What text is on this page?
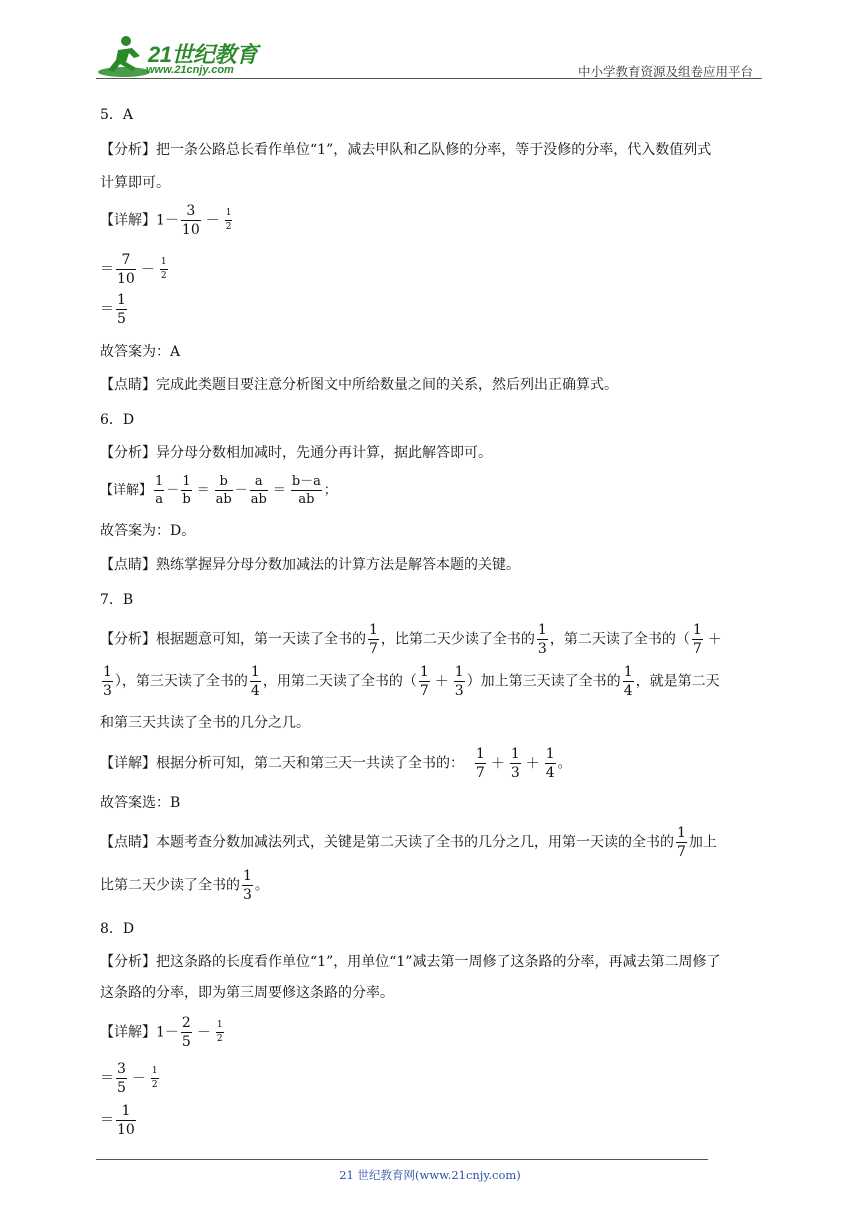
21世纪教育
www.21cnjy.com	中小学教育资源及组卷应用平台
5．A
【分析】把一条公路总长看作单位“1”，减去甲队和乙队修的分率，等于没修的分率，代入数值列式
计算即可。
【详解】$1- \frac{3}{10} - \frac{1}{2}$
＝ $\frac{7}{10} - \frac{1}{2}$
＝ $\frac{1}{5}$
故答案为：A
【点睛】完成此类题目要注意分析图文中所给数量之间的关系，然后列出正确算式。
6．D
【分析】异分母分数相加减时，先通分再计算，据此解答即可。
【详解】 $\frac{1}{a} - \frac{1}{b} = \frac{b}{ab} - \frac{a}{ab} = \frac{b-a}{ab}$ ；
故答案为：D。
【点睛】熟练掌握异分母分数加减法的计算方法是解答本题的关键。
7．B
【分析】根据题意可知，第一天读了全书的 $\frac{1}{7}$ ，比第二天少读了全书的 $\frac{1}{3}$ ，第二天读了全书的（ $\frac{1}{7}$ ＋
$\frac{1}{3}$ ），第三天读了全书的 $\frac{1}{4}$ ，用第二天读了全书的（ $\frac{1}{7} + \frac{1}{3}$ ）加上第三天读了全书的 $\frac{1}{4}$ ，就是第二天
和第三天共读了全书的几分之几。
【详解】根据分析可知，第二天和第三天一共读了全书的： $\frac{1}{7} + \frac{1}{3} + \frac{1}{4}$ 。
故答案选：B
【点睛】本题考查分数加减法列式，关键是第二天读了全书的几分之几，用第一天读的全书的 $\frac{1}{7}$ 加上
比第二天少读了全书的 $\frac{1}{3}$ 。
8．D
【分析】把这条路的长度看作单位“1”，用单位“1”减去第一周修了这条路的分率，再减去第二周修了
这条路的分率，即为第三周要修这条路的分率。
【详解】$1- \frac{2}{5} - \frac{1}{2}$
＝ $\frac{3}{5} - \frac{1}{2}$
＝ $\frac{1}{10}$
21 世纪教育网(www.21cnjy.com)
